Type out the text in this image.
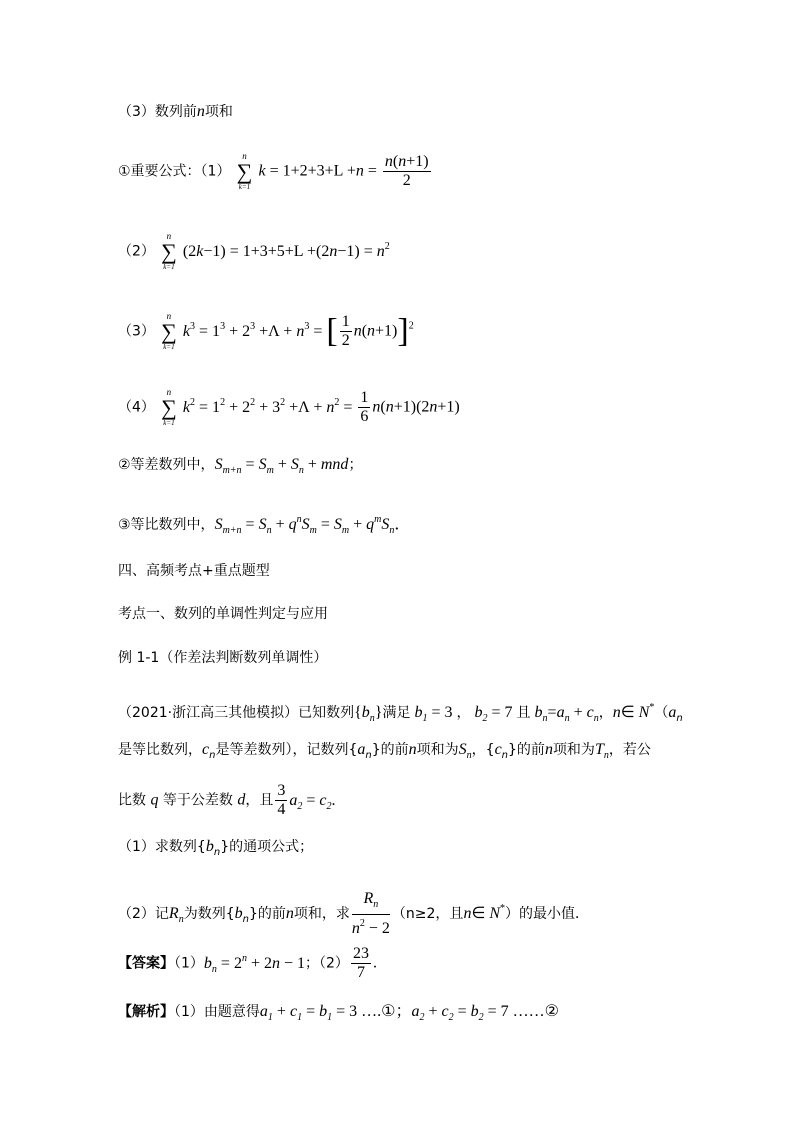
（3）数列前n项和
①重要公式：（1）
n
∑
k=1
$k = 1+2+3+L +n = \frac{n(n+1)}{2}$
（2）
n
∑
k=1
$(2k-1) = 1+3+5+L +(2n-1) = n^2$
（3）
n
∑
k=1
$k^3 = 1^3 + 2^3 +\Lambda + n^3$ = [ $\frac{1}{2} n(n+1)]^2$
（4）
n
∑
k=1
$k^2 = 1^2 + 2^2 + 3^2 +\Lambda + n^2 = \frac{1}{6} n(n+1)(2n+1)$
②等差数列中，$S_{m+n} = S_m + S_n$ + mnd；
③等比数列中，$S_{m+n} = S_n + q^nS_m = S_m + q^mS_n$．
四、高频考点+重点题型
考点一、数列的单调性判定与应用
例 1-1（作差法判断数列单调性）
（2021·浙江高三其他模拟）已知数列$\{b_n\}$满足 $b_1 = 3$ ， $b_2 = 7$ 且 $b_n=a_n + c_n$，n∈ $N^*(a_n$
是等比数列，$c_n$是等差数列），记数列$\{a_n\}$的前n项和为$S_n$，$\{c_n\}$的前n项和为$T_n$，若公
比数 q 等于公差数 d，且 $\frac{3}{4} a_2 = c_2$.
（1）求数列$\{b_n\}$的通项公式；
（2）记$R_n$为数列$\{b_n\}$的前n项和，求 $\frac{R_n}{n^2 - 2} (n\ge 2$，且n∈ N*）的最小值．
【答案】$(1)b_n = 2^n + 2n - 1$；$(2) \frac{23}{7}$ .
【解析】（1）由题意得$a_1 + c_1 = b_1 = 3$ ….①；$a_2 + c_2 = b_2 = 7$ ……②
